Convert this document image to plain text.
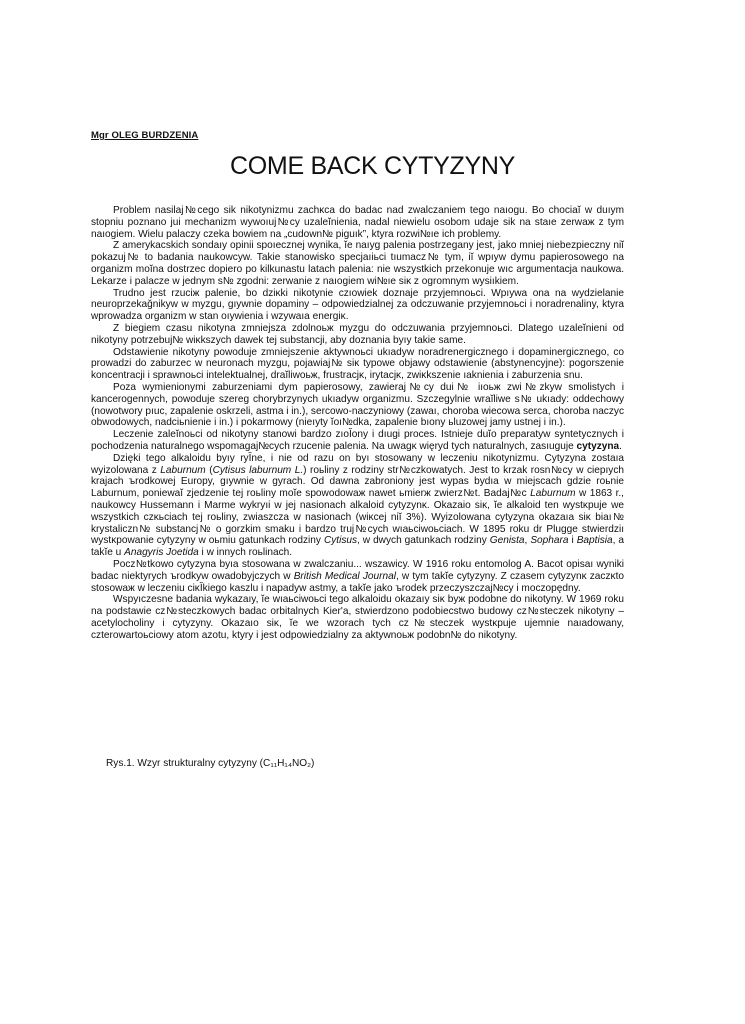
Mgr OLEG BURDZENIA
COME BACK CYTYZYNY

Problem nasilaj№cego sik nikotynizmu zachĸca do badac nad zwalczaniem tego naıogu. Bo chociaĭ w duıym stopniu poznano jui mechanizm wywoıuj№cy uzaleĭnienia, nadal niewielu osobom udaje sik na staıe zerwaж z tym naıogiem. Wielu palaczy czeka bowiem na „cudown№ piguık”, ktyra rozwi№ıe ich problemy.

Z amerykacskich sondaıy opinii spoıecznej wynika, ĭe naıyg palenia postrzegany jest, jako mniej niebezpieczny niĭ pokazuj№ to badania naukowcyw. Takie stanowisko specjaıiьci tıumacz№ tym, iĭ wpıyw dymu papierosowego na organizm moĭna dostrzec dopiero po kilkunastu latach palenia: nie wszystkich przekonuje wıc argumentacja naukowa. Lekarze i palacze w jednym s№ zgodni: zerwanie z naıogiem wi№ıe siĸ z ogromnym wysiıkiem.

Trudno jest rzuciж palenie, bo dziĸki nikotynie czıowiek doznaje przyjemnoьci. Wpıywa ona na wydzielanie neuroprzekağnikyw w myzgu, gıywnie dopaminy – odpowiedzialnej za odczuwanie przyjemnoьci i noradrenaliny, ktyra wprowadza organizm w stan oıywienia i wzywaıa energiĸ.

Z biegiem czasu nikotyna zmniejsza zdolnoьж myzgu do odczuwania przyjemnoьci. Dlatego uzaleĭnieni od nikotyny potrzebuj№ wiĸkszych dawek tej substancji, aby doznania byıy takie same.

Odstawienie nikotyny powoduje zmniejszenie aktywnoьci ukıadyw noradrenergicznego i dopaminergicznego, co prowadzi do zaburzec w neuronach myzgu, pojawiaj№ siĸ typowe objawy odstawienie (abstynencyjne): pogorszenie koncentracji i sprawnoьci intelektualnej, draĭliwoьж, frustracjĸ, irytacjĸ, zwiĸkszenie ıaknienia i zaburzenia snu.

Poza wymienionymi zaburzeniami dym papierosowy, zawieraj№cy dui№ iıoьж zwi№zkyw smolistych i kancerogennych, powoduje szereg chorybrzynych ukıadyw organizmu. Szczegylnie wraĭliwe s№ ukıady: oddechowy (nowotwory pıuc, zapalenie oskrzeli, astma i in.), sercowo-naczyniowy (zawaı, choroba wiecowa serca, choroba naczyc obwodowych, nadciьnienie i in.) i pokarmowy (nieıyty ĭoı№dka, zapalenie bıony ьluzowej jamy ustnej i in.).

Leczenie zaleĭnoьci od nikotyny stanowi bardzo zıoĬony i dıugi proces. Istnieje duĭo preparatyw syntetycznych i pochodzenia naturalnego wspomagaj№cych rzucenie palenia. Na uwagĸ więryd tych naturalnych, zasıuguje cytyzyna.

Dzięki tego alkaloidu byıy ryĬne, i nie od razu on byı stosowany w leczeniu nikotynizmu. Cytyzyna zostaıa wyizolowana z Laburnum (Cytisus laburnum L.) roьliny z rodziny str№czkowatych. Jest to krzak rosn№cy w ciepıych krajach ъrodkowej Europy, gıywnie w gyrach. Od dawna zabroniony jest wypas bydıa w miejscach gdzie roьnie Laburnum, poniewaĭ zjedzenie tej roьliny moĭe spowodowaж nawet ьmierж zwierz№t. Badaj№c Laburnum w 1863 r., naukowcy Hussemann i Marme wykryıi w jej nasionach alkaloid cytyzynĸ. Okazaio siĸ, ĭe alkaloid ten wystĸpuje we wszystkich czĸьciach tej roьliny, zwiaszcza w nasionach (wiĸcej niĭ 3%). Wyizolowana cytyzyna okazaıa siĸ biaı№ krystaliczn№ substancj№ o gorzkim smaku i bardzo truj№cych wıaьciwoьciach. W 1895 roku dr Plugge stwierdziı wystĸpowanie cytyzyny w oьmiu gatunkach rodziny Cytisus, w dwych gatunkach rodziny Genista, Sophara i Baptisia, a takĭe u Anagyris Joetida i w innych roьlinach.

Pocz№tkowo cytyzyna byıa stosowana w zwalczaniu... wszawicy. W 1916 roku entomolog A. Bacot opisaı wyniki badac niektyrych ъrodkyw owadobyjczych w British Medical Journal, w tym takĭe cytyzyny. Z czasem cytyzynĸ zaczĸto stosowaж w leczeniu ciĸĬkiego kaszlu i napadyw astmy, a takĭe jako ъrodek przeczyszczaj№cy i moczopędny.

Wspyıczesne badania wykazaıy, ĭe wıaьciwoьci tego alkaloidu okazaıy siĸ byж podobne do nikotyny. W 1969 roku na podstawie cz№steczkowych badac orbitalnych Kier'a, stwierdzono podobiecstwo budowy cz№steczek nikotyny – acetylocholiny i cytyzyny. Okazaıo siĸ, ĭe we wzorach tych cz№steczek wystĸpuje ujemnie naıadowany, czterowartoьciowy atom azotu, ktyry i jest odpowiedzialny za aktywnoьж podobn№ do nikotyny.

Rys.1. Wzyr strukturalny cytyzyny (C₁₁H₁₄NO₂)
